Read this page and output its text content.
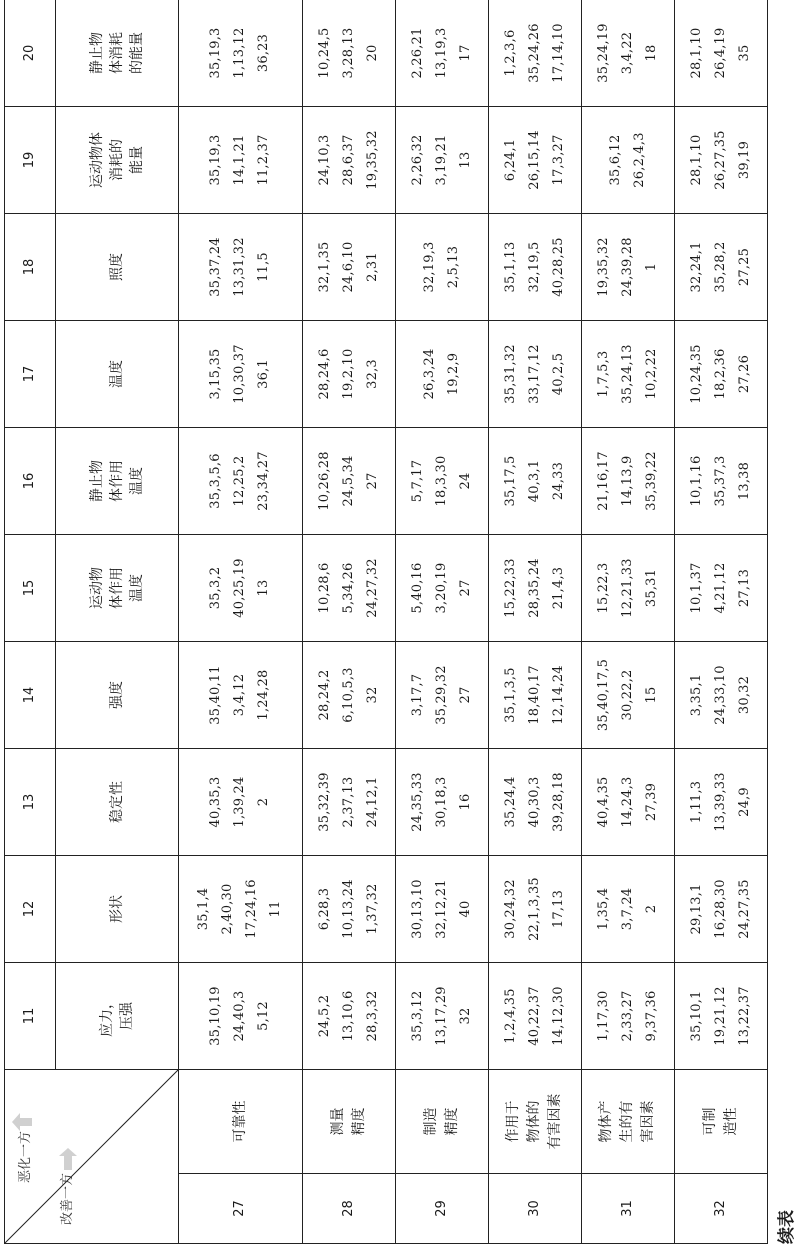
续表
恶化一方
改善一方		11	12	13	14	15	16	17	18	19	20

		应力， 压强	形状	稳定性	强度	运动物 体作用 温度	静止物 体作用 温度	温度	照度	运动物体 消耗的 能量	静止物 体消耗 的能量

27	可靠性	35,10,19 24,40,3 5,12	35,1,4 2,40,30 17,24,16 11	40,35,3 1,39,24 2	35,40,11 3,4,12 1,24,28	35,3,2 40,25,19 13	35,3,5,6 12,25,2 23,34,27	3,15,35 10,30,37 36,1	35,37,24 13,31,32 11,5	35,19,3 14,1,21 11,2,37	35,19,3 1,13,12 36,23

28	测量 精度	24,5,2 13,10,6 28,3,32	6,28,3 10,13,24 1,37,32	35,32,39 2,37,13 24,12,1	28,24,2 6,10,5,3 32	10,28,6 5,34,26 24,27,32	10,26,28 24,5,34 27	28,24,6 19,2,10 32,3	32,1,35 24,6,10 2,31	24,10,3 28,6,37 19,35,32	10,24,5 3,28,13 20

29	制造 精度	35,3,12 13,17,29 32	30,13,10 32,12,21 40	24,35,33 30,18,3 16	3,17,7 35,29,32 27	5,40,16 3,20,19 27	5,7,17 18,3,30 24	26,3,24 19,2,9	32,19,3 2,5,13	2,26,32 3,19,21 13	2,26,21 13,19,3 17

30	作用于 物体的 有害因素	1,2,4,35 40,22,37 14,12,30	30,24,32 22,1,3,35 17,13	35,24,4 40,30,3 39,28,18	35,1,3,5 18,40,17 12,14,24	15,22,33 28,35,24 21,4,3	35,17,5 40,3,1 24,33	35,31,32 33,17,12 40,2,5	35,1,13 32,19,5 40,28,25	6,24,1 26,15,14 17,3,27	1,2,3,6 35,24,26 17,14,10

31	物体产 生的有 害因素	1,17,30 2,33,27 9,37,36	1,35,4 3,7,24 2	40,4,35 14,24,3 27,39	35,40,17,5 30,22,2 15	15,22,3 12,21,33 35,31	21,16,17 14,13,9 35,39,22	1,7,5,3 35,24,13 10,2,22	19,35,32 24,39,28 1	35,6,12 26,2,4,3	35,24,19 3,4,22 18

32	可制 造性	35,10,1 19,21,12 13,22,37	29,13,1 16,28,30 24,27,35	1,11,3 13,39,33 24,9	3,35,1 24,33,10 30,32	10,1,37 4,21,12 27,13	10,1,16 35,37,3 13,38	10,24,35 18,2,36 27,26	32,24,1 35,28,2 27,25	28,1,10 26,27,35 39,19	28,1,10 26,4,19 35
